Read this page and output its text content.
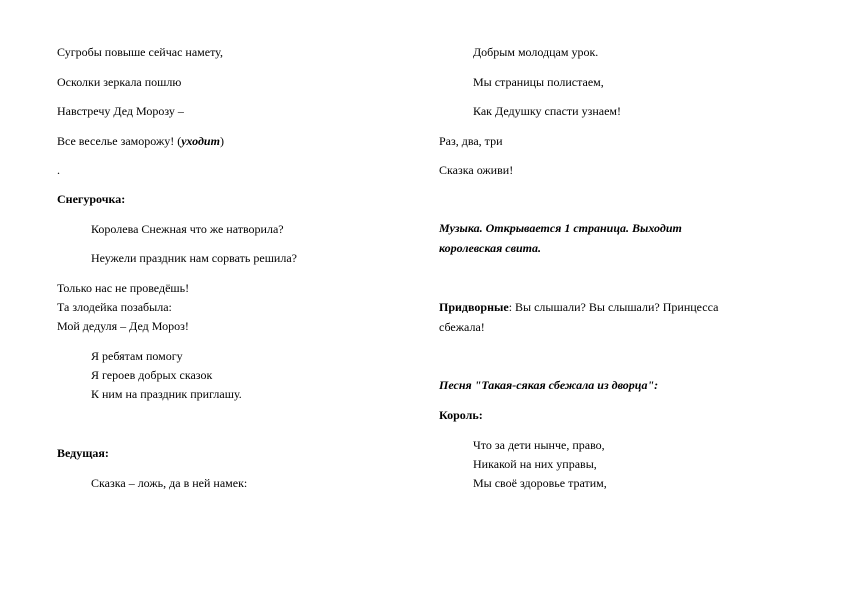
Сугробы повыше сейчас намету,
Осколки зеркала пошлю
Навстречу Дед Морозу –
Все веселье заморожу! (уходит)
.
Снегурочка:
Королева Снежная что же натворила?
Неужели праздник нам сорвать решила?
Только нас не проведёшь!
Та злодейка позабыла:
Мой дедуля – Дед Мороз!
Я ребятам помогу
Я героев добрых сказок
К ним на праздник приглашу.
Ведущая:
Сказка – ложь, да в ней намек:
Добрым молодцам урок.
Мы страницы полистаем,
Как Дедушку спасти узнаем!
Раз, два, три
Сказка оживи!
Музыка. Открывается 1 страница. Выходит
королевская свита.
Придворные: Вы слышали? Вы слышали? Принцесса
сбежала!
Песня "Такая-сякая сбежала из дворца":
Король:
Что за дети нынче, право,
Никакой на них управы,
Мы своё здоровье тратим,
